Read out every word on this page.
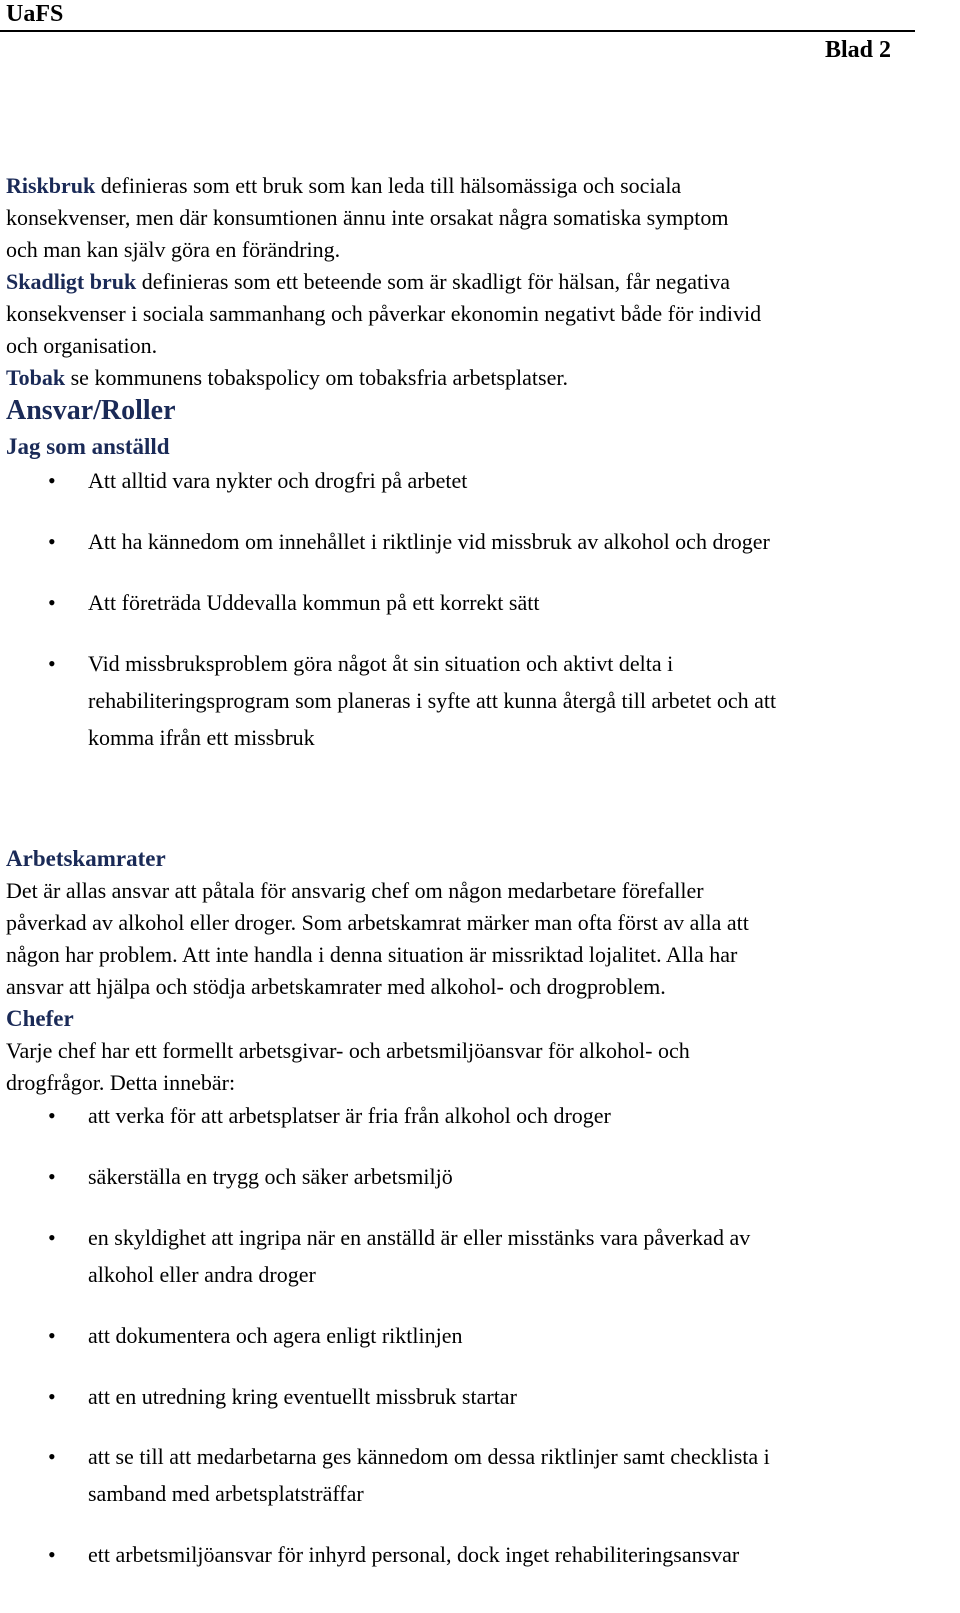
UaFS
Blad 2
Riskbruk definieras som ett bruk som kan leda till hälsomässiga och sociala
konsekvenser, men där konsumtionen ännu inte orsakat några somatiska symptom
och man kan själv göra en förändring.
Skadligt bruk definieras som ett beteende som är skadligt för hälsan, får negativa
konsekvenser i sociala sammanhang och påverkar ekonomin negativt både för individ
och organisation.
Tobak se kommunens tobakspolicy om tobaksfria arbetsplatser.
Ansvar/Roller
Jag som anställd
• Att alltid vara nykter och drogfri på arbetet
• Att ha kännedom om innehållet i riktlinje vid missbruk av alkohol och droger
• Att företräda Uddevalla kommun på ett korrekt sätt
• Vid missbruksproblem göra något åt sin situation och aktivt delta i
rehabiliteringsprogram som planeras i syfte att kunna återgå till arbetet och att
komma ifrån ett missbruk
Arbetskamrater
Det är allas ansvar att påtala för ansvarig chef om någon medarbetare förefaller
påverkad av alkohol eller droger. Som arbetskamrat märker man ofta först av alla att
någon har problem. Att inte handla i denna situation är missriktad lojalitet. Alla har
ansvar att hjälpa och stödja arbetskamrater med alkohol- och drogproblem.
Chefer
Varje chef har ett formellt arbetsgivar- och arbetsmiljöansvar för alkohol- och
drogfrågor. Detta innebär:
• att verka för att arbetsplatser är fria från alkohol och droger
• säkerställa en trygg och säker arbetsmiljö
• en skyldighet att ingripa när en anställd är eller misstänks vara påverkad av
alkohol eller andra droger
• att dokumentera och agera enligt riktlinjen
• att en utredning kring eventuellt missbruk startar
• att se till att medarbetarna ges kännedom om dessa riktlinjer samt checklista i
samband med arbetsplatsträffar
• ett arbetsmiljöansvar för inhyrd personal, dock inget rehabiliteringsansvar
